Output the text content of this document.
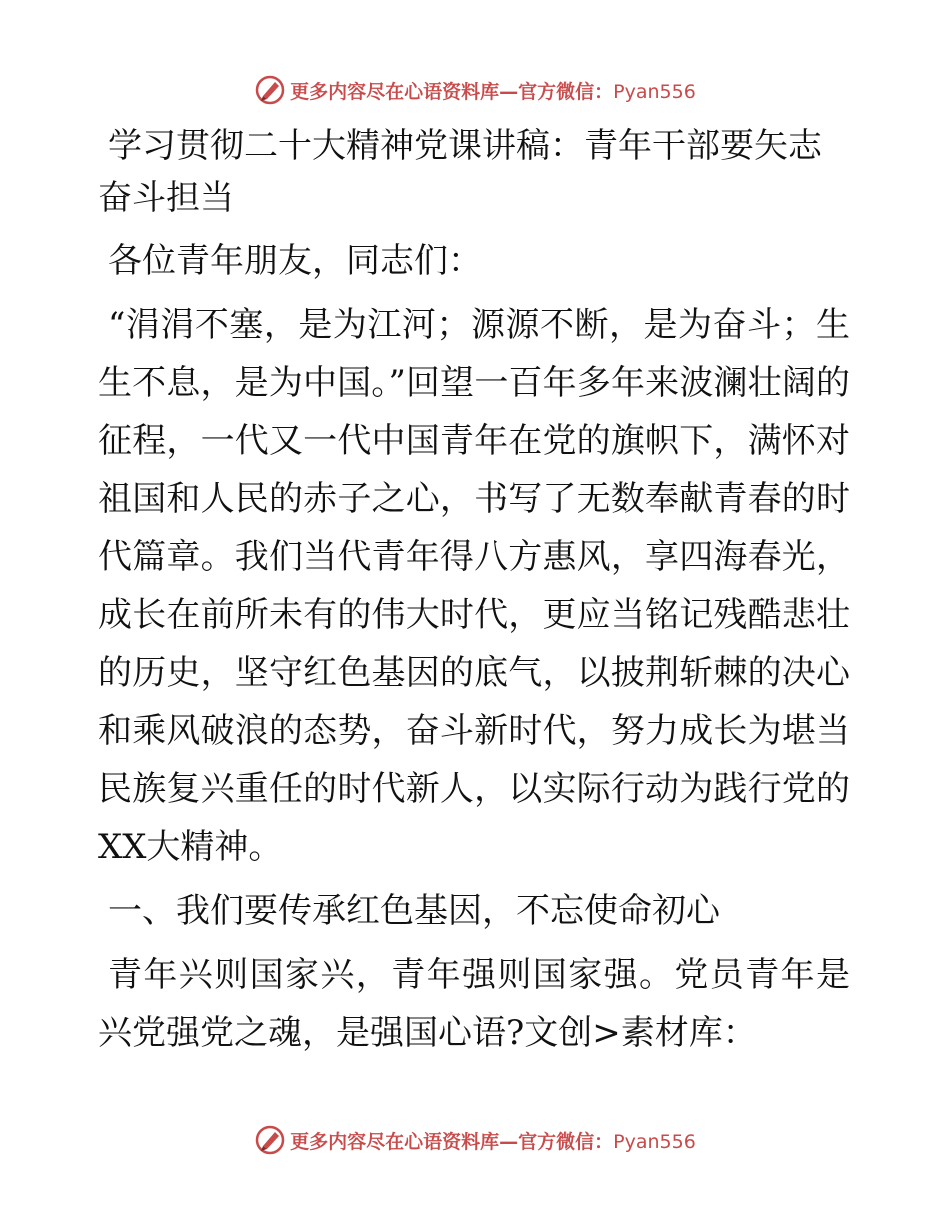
更多内容尽在心语资料库—官方微信：Pyan556
学习贯彻二十大精神党课讲稿：青年干部要矢志奋斗担当

各位青年朋友，同志们：

“涓涓不塞，是为江河；源源不断，是为奋斗；生生不息，是为中国。”回望一百年多年来波澜壮阔的征程，一代又一代中国青年在党的旗帜下，满怀对祖国和人民的赤子之心，书写了无数奉献青春的时代篇章。我们当代青年得八方惠风，享四海春光，成长在前所未有的伟大时代，更应当铭记残酷悲壮的历史，坚守红色基因的底气，以披荆斩棘的决心和乘风破浪的态势，奋斗新时代，努力成长为堪当民族复兴重任的时代新人，以实际行动为践行党的XX大精神。

一、我们要传承红色基因，不忘使命初心

青年兴则国家兴，青年强则国家强。党员青年是兴党强党之魂，是强国心语?文创>素材库：

更多内容尽在心语资料库—官方微信：Pyan556
